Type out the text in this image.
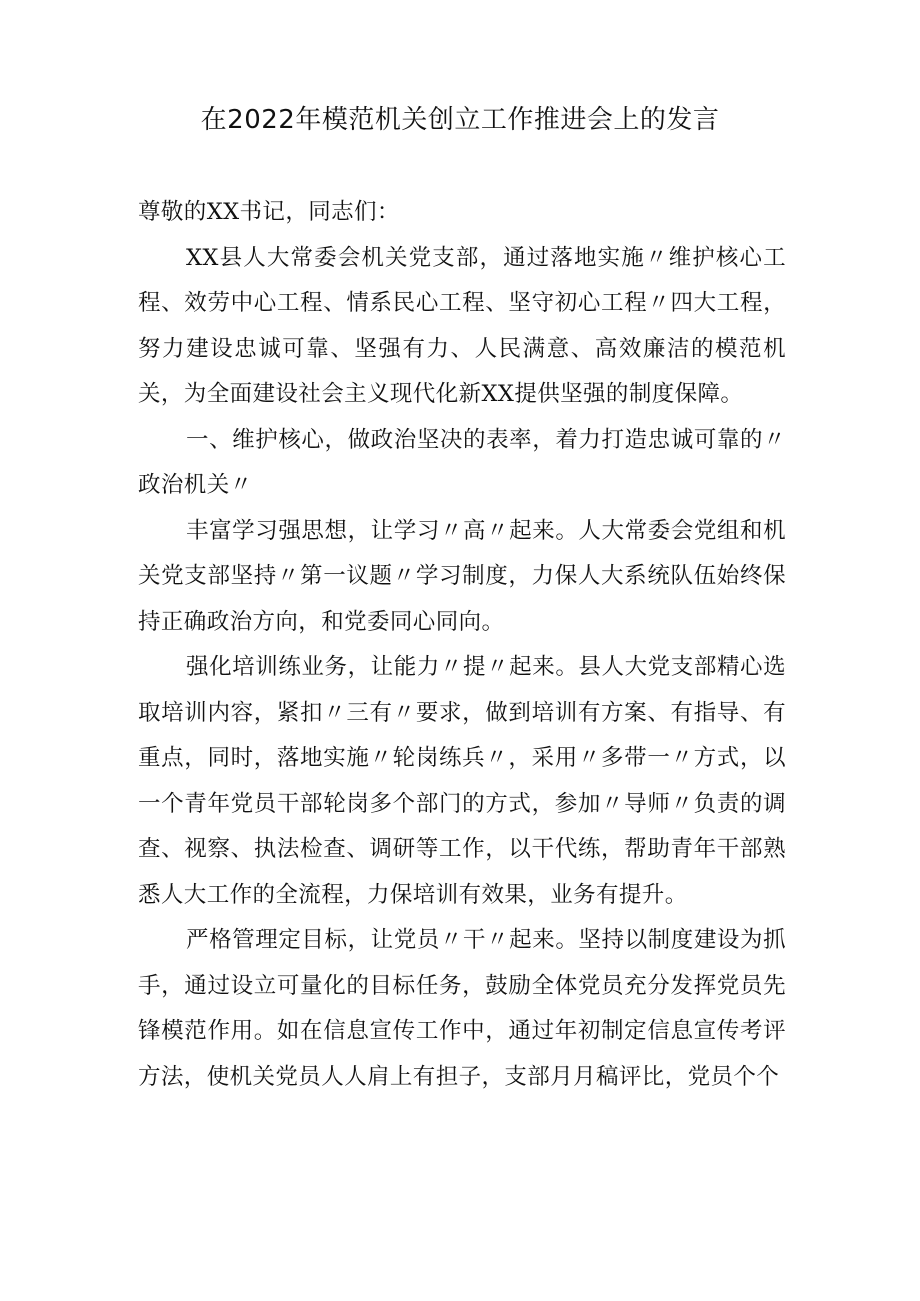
在2022年模范机关创立工作推进会上的发言

尊敬的XX书记，同志们：

XX县人大常委会机关党支部，通过落地实施〃维护核心工程、效劳中心工程、情系民心工程、坚守初心工程〃四大工程，努力建设忠诚可靠、坚强有力、人民满意、高效廉洁的模范机关，为全面建设社会主义现代化新XX提供坚强的制度保障。

一、维护核心，做政治坚决的表率，着力打造忠诚可靠的〃政治机关〃

丰富学习强思想，让学习〃高〃起来。人大常委会党组和机关党支部坚持〃第一议题〃学习制度，力保人大系统队伍始终保持正确政治方向，和党委同心同向。

强化培训练业务，让能力〃提〃起来。县人大党支部精心选取培训内容，紧扣〃三有〃要求，做到培训有方案、有指导、有重点，同时，落地实施〃轮岗练兵〃，采用〃多带一〃方式，以一个青年党员干部轮岗多个部门的方式，参加〃导师〃负责的调查、视察、执法检查、调研等工作，以干代练，帮助青年干部熟悉人大工作的全流程，力保培训有效果，业务有提升。

严格管理定目标，让党员〃干〃起来。坚持以制度建设为抓手，通过设立可量化的目标任务，鼓励全体党员充分发挥党员先锋模范作用。如在信息宣传工作中，通过年初制定信息宣传考评方法，使机关党员人人肩上有担子，支部月月稿评比，党员个个
